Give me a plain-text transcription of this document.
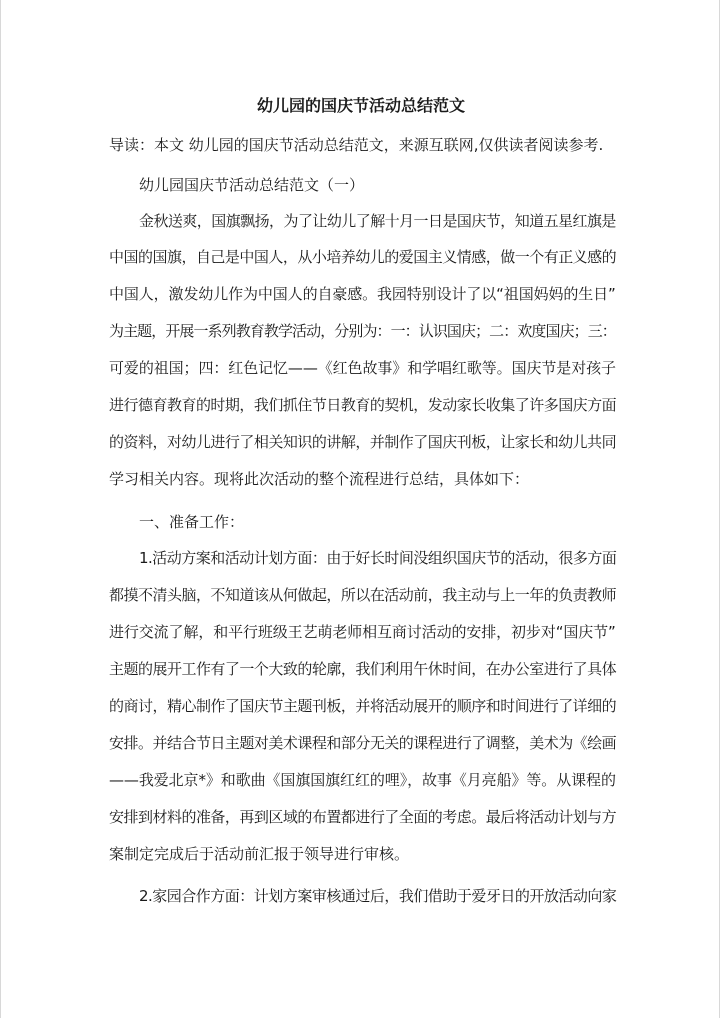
幼儿园的国庆节活动总结范文
导读：本文 幼儿园的国庆节活动总结范文，来源互联网,仅供读者阅读参考.
幼儿园国庆节活动总结范文（一）
金秋送爽，国旗飘扬，为了让幼儿了解十月一日是国庆节，知道五星红旗是
中国的国旗，自己是中国人，从小培养幼儿的爱国主义情感，做一个有正义感的
中国人，激发幼儿作为中国人的自豪感。我园特别设计了以“祖国妈妈的生日”
为主题，开展一系列教育教学活动，分别为：一：认识国庆；二：欢度国庆；三：
可爱的祖国；四：红色记忆——《红色故事》和学唱红歌等。国庆节是对孩子
进行德育教育的时期，我们抓住节日教育的契机，发动家长收集了许多国庆方面
的资料，对幼儿进行了相关知识的讲解，并制作了国庆刊板，让家长和幼儿共同
学习相关内容。现将此次活动的整个流程进行总结，具体如下：
一、准备工作：
1.活动方案和活动计划方面：由于好长时间没组织国庆节的活动，很多方面
都摸不清头脑，不知道该从何做起，所以在活动前，我主动与上一年的负责教师
进行交流了解，和平行班级王艺萌老师相互商讨活动的安排，初步对“国庆节”
主题的展开工作有了一个大致的轮廓，我们利用午休时间，在办公室进行了具体
的商讨，精心制作了国庆节主题刊板，并将活动展开的顺序和时间进行了详细的
安排。并结合节日主题对美术课程和部分无关的课程进行了调整，美术为《绘画
——我爱北京*》和歌曲《国旗国旗红红的哩》，故事《月亮船》等。从课程的
安排到材料的准备，再到区域的布置都进行了全面的考虑。最后将活动计划与方
案制定完成后于活动前汇报于领导进行审核。
2.家园合作方面：计划方案审核通过后，我们借助于爱牙日的开放活动向家
